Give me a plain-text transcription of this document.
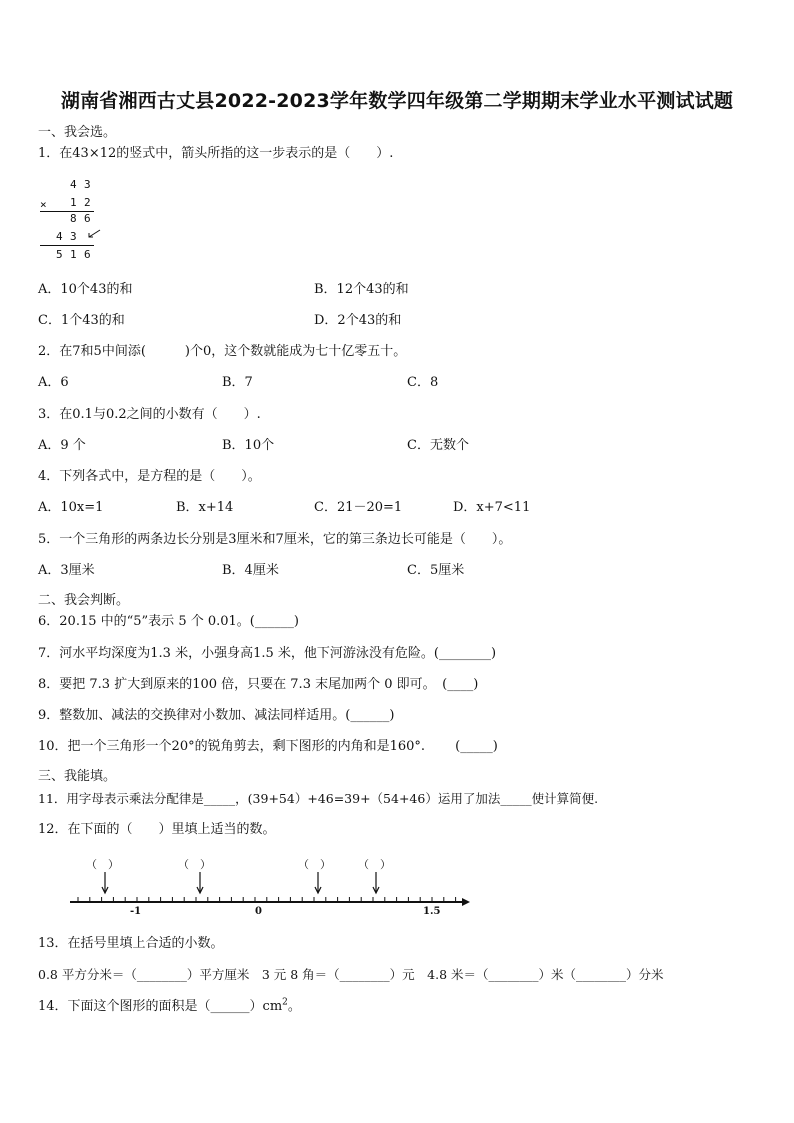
湖南省湘西古丈县2022-2023学年数学四年级第二学期期末学业水平测试试题
一、我会选。
1．在43×12的竖式中，箭头所指的这一步表示的是（　　）.
4 3
× 1 2
8 6
4 3
5 1 6
A．10个43的和	B．12个43的和
C．1个43的和	D．2个43的和
2．在7和5中间添(　　　)个0，这个数就能成为七十亿零五十。
A．6	B．7	C．8
3．在0.1与0.2之间的小数有（　　）.
A．9 个	B．10个	C．无数个
4．下列各式中，是方程的是（　　）。
A．10x=1	B．x+14	C．21－20=1	D．x+7<11
5．一个三角形的两条边长分别是3厘米和7厘米，它的第三条边长可能是（　　）。
A．3厘米	B．4厘米	C．5厘米
二、我会判断。
6．20.15 中的“5”表示 5 个 0.01。(______)
7．河水平均深度为1.3 米，小强身高1.5 米，他下河游泳没有危险。(________)
8．要把 7.3 扩大到原来的100 倍，只要在 7.3 末尾加两个 0 即可。　(____)
9．整数加、减法的交换律对小数加、减法同样适用。(______)
10．把一个三角形一个20°的锐角剪去，剩下图形的内角和是160°.　　 (_____)
三、我能填。
11．用字母表示乘法分配律是_____，(39+54）+46=39+（54+46）运用了加法_____使计算简便.
12．在下面的（　　）里填上适当的数。
（　）	（　）	（　） （　）
-1	0	1.5
13．在括号里填上合适的小数。
0.8 平方分米＝（________）平方厘米　3 元 8 角＝（________）元　4.8 米＝（________）米（________）分米
14．下面这个图形的面积是$(\_\_\_\_\_\_)cm^2$。
